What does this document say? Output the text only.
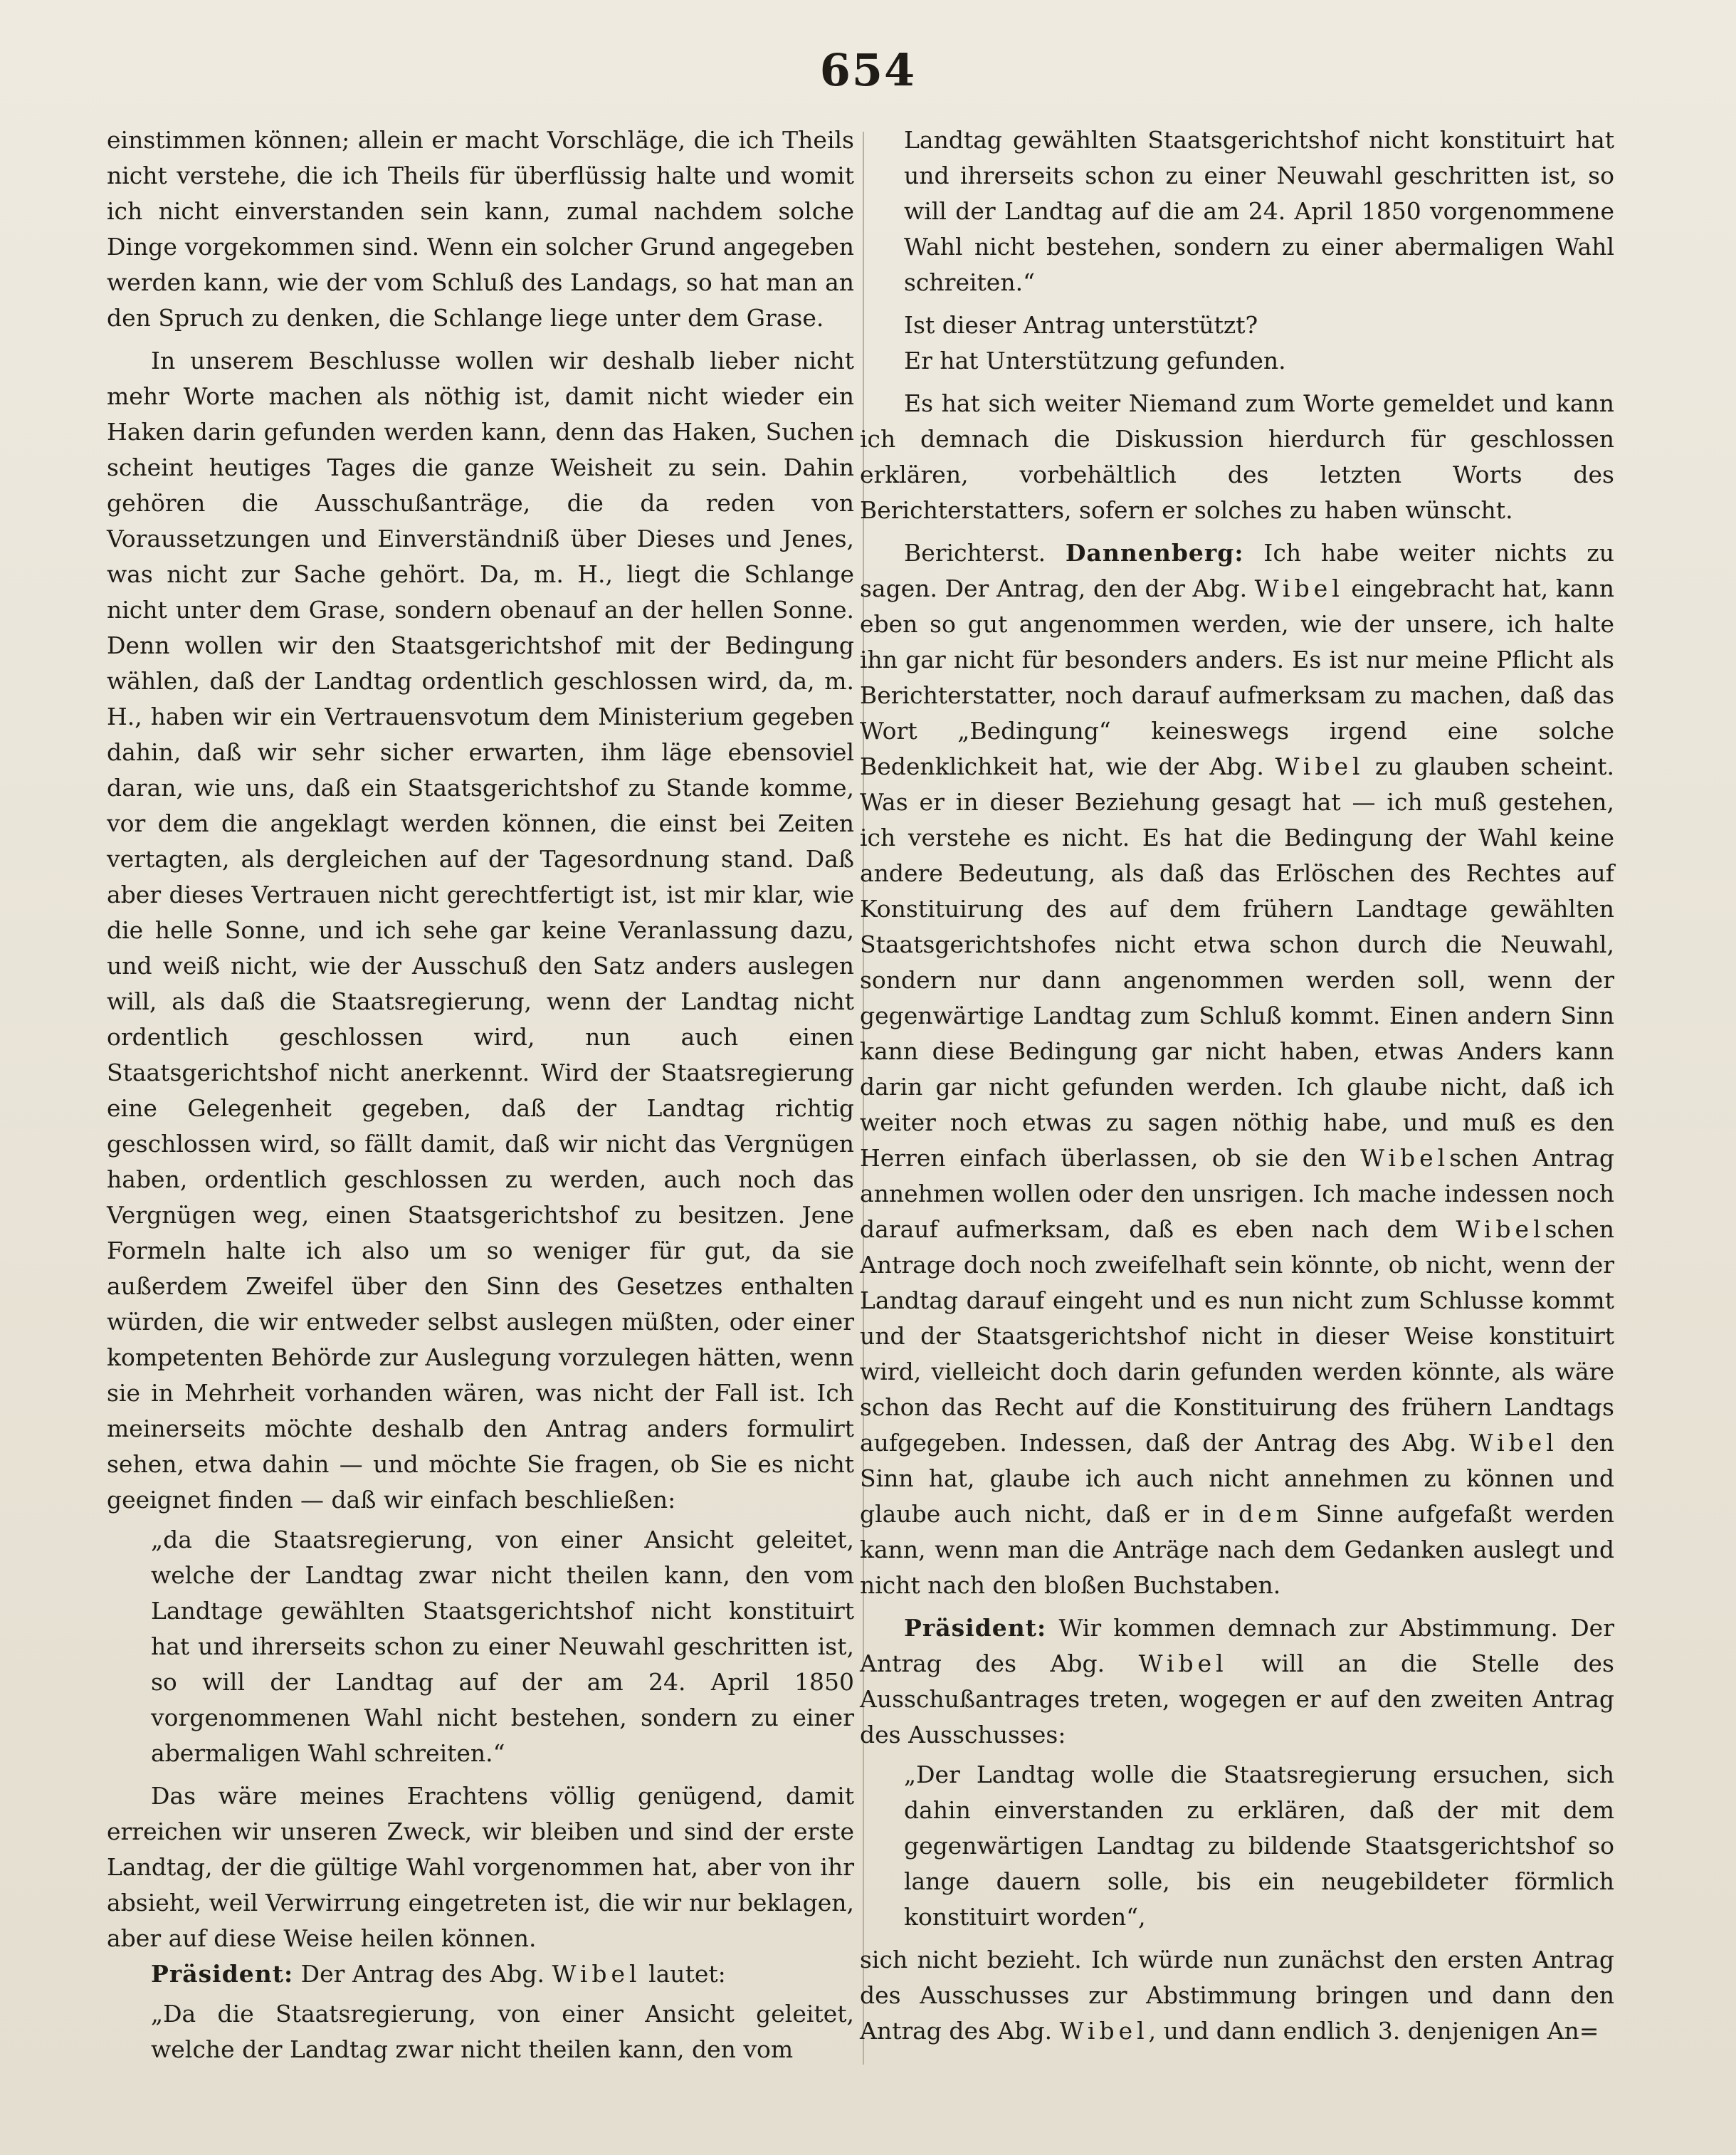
654

einstimmen können; allein er macht Vorschläge, die ich Theils nicht verstehe, die ich Theils für überflüssig halte und womit ich nicht einverstanden sein kann, zumal nachdem solche Dinge vorgekommen sind. Wenn ein solcher Grund angegeben werden kann, wie der vom Schluß des Landags, so hat man an den Spruch zu denken, die Schlange liege unter dem Grase.

In unserem Beschlusse wollen wir deshalb lieber nicht mehr Worte machen als nöthig ist, damit nicht wieder ein Haken darin gefunden werden kann, denn das Haken, Suchen scheint heutiges Tages die ganze Weisheit zu sein. Dahin gehören die Ausschußanträge, die da reden von Voraussetzungen und Einverständniß über Dieses und Jenes, was nicht zur Sache gehört. Da, m. H., liegt die Schlange nicht unter dem Grase, sondern obenauf an der hellen Sonne. Denn wollen wir den Staatsgerichtshof mit der Bedingung wählen, daß der Landtag ordentlich geschlossen wird, da, m. H., haben wir ein Vertrauensvotum dem Ministerium gegeben dahin, daß wir sehr sicher erwarten, ihm läge ebensoviel daran, wie uns, daß ein Staatsgerichtshof zu Stande komme, vor dem die angeklagt werden können, die einst bei Zeiten vertagten, als dergleichen auf der Tagesordnung stand. Daß aber dieses Vertrauen nicht gerechtfertigt ist, ist mir klar, wie die helle Sonne, und ich sehe gar keine Veranlassung dazu, und weiß nicht, wie der Ausschuß den Satz anders auslegen will, als daß die Staatsregierung, wenn der Landtag nicht ordentlich geschlossen wird, nun auch einen Staatsgerichtshof nicht anerkennt. Wird der Staatsregierung eine Gelegenheit gegeben, daß der Landtag richtig geschlossen wird, so fällt damit, daß wir nicht das Vergnügen haben, ordentlich geschlossen zu werden, auch noch das Vergnügen weg, einen Staatsgerichtshof zu besitzen. Jene Formeln halte ich also um so weniger für gut, da sie außerdem Zweifel über den Sinn des Gesetzes enthalten würden, die wir entweder selbst auslegen müßten, oder einer kompetenten Behörde zur Auslegung vorzulegen hätten, wenn sie in Mehrheit vorhanden wären, was nicht der Fall ist. Ich meinerseits möchte deshalb den Antrag anders formulirt sehen, etwa dahin — und möchte Sie fragen, ob Sie es nicht geeignet finden — daß wir einfach beschließen:

„da die Staatsregierung, von einer Ansicht geleitet, welche der Landtag zwar nicht theilen kann, den vom Landtage gewählten Staatsgerichtshof nicht konstituirt hat und ihrerseits schon zu einer Neuwahl geschritten ist, so will der Landtag auf der am 24. April 1850 vorgenommenen Wahl nicht bestehen, sondern zu einer abermaligen Wahl schreiten.“

Das wäre meines Erachtens völlig genügend, damit erreichen wir unseren Zweck, wir bleiben und sind der erste Landtag, der die gültige Wahl vorgenommen hat, aber von ihr absieht, weil Verwirrung eingetreten ist, die wir nur beklagen, aber auf diese Weise heilen können.

Präsident: Der Antrag des Abg. Wibel lautet:

„Da die Staatsregierung, von einer Ansicht geleitet, welche der Landtag zwar nicht theilen kann, den vom

Landtag gewählten Staatsgerichtshof nicht konstituirt hat und ihrerseits schon zu einer Neuwahl geschritten ist, so will der Landtag auf die am 24. April 1850 vorgenommene Wahl nicht bestehen, sondern zu einer abermaligen Wahl schreiten.“

Ist dieser Antrag unterstützt?

Er hat Unterstützung gefunden.

Es hat sich weiter Niemand zum Worte gemeldet und kann ich demnach die Diskussion hierdurch für geschlossen erklären, vorbehältlich des letzten Worts des Berichterstatters, sofern er solches zu haben wünscht.

Berichterst. Dannenberg: Ich habe weiter nichts zu sagen. Der Antrag, den der Abg. Wibel eingebracht hat, kann eben so gut angenommen werden, wie der unsere, ich halte ihn gar nicht für besonders anders. Es ist nur meine Pflicht als Berichterstatter, noch darauf aufmerksam zu machen, daß das Wort „Bedingung“ keineswegs irgend eine solche Bedenklichkeit hat, wie der Abg. Wibel zu glauben scheint. Was er in dieser Beziehung gesagt hat — ich muß gestehen, ich verstehe es nicht. Es hat die Bedingung der Wahl keine andere Bedeutung, als daß das Erlöschen des Rechtes auf Konstituirung des auf dem frühern Landtage gewählten Staatsgerichtshofes nicht etwa schon durch die Neuwahl, sondern nur dann angenommen werden soll, wenn der gegenwärtige Landtag zum Schluß kommt. Einen andern Sinn kann diese Bedingung gar nicht haben, etwas Anders kann darin gar nicht gefunden werden. Ich glaube nicht, daß ich weiter noch etwas zu sagen nöthig habe, und muß es den Herren einfach überlassen, ob sie den Wibelschen Antrag annehmen wollen oder den unsrigen. Ich mache indessen noch darauf aufmerksam, daß es eben nach dem Wibelschen Antrage doch noch zweifelhaft sein könnte, ob nicht, wenn der Landtag darauf eingeht und es nun nicht zum Schlusse kommt und der Staatsgerichtshof nicht in dieser Weise konstituirt wird, vielleicht doch darin gefunden werden könnte, als wäre schon das Recht auf die Konstituirung des frühern Landtags aufgegeben. Indessen, daß der Antrag des Abg. Wibel den Sinn hat, glaube ich auch nicht annehmen zu können und glaube auch nicht, daß er in dem Sinne aufgefaßt werden kann, wenn man die Anträge nach dem Gedanken auslegt und nicht nach den bloßen Buchstaben.

Präsident: Wir kommen demnach zur Abstimmung. Der Antrag des Abg. Wibel will an die Stelle des Ausschußantrages treten, wogegen er auf den zweiten Antrag des Ausschusses:

„Der Landtag wolle die Staatsregierung ersuchen, sich dahin einverstanden zu erklären, daß der mit dem gegenwärtigen Landtag zu bildende Staatsgerichtshof so lange dauern solle, bis ein neugebildeter förmlich konstituirt worden“,

sich nicht bezieht. Ich würde nun zunächst den ersten Antrag des Ausschusses zur Abstimmung bringen und dann den Antrag des Abg. Wibel, und dann endlich 3. denjenigen An=
